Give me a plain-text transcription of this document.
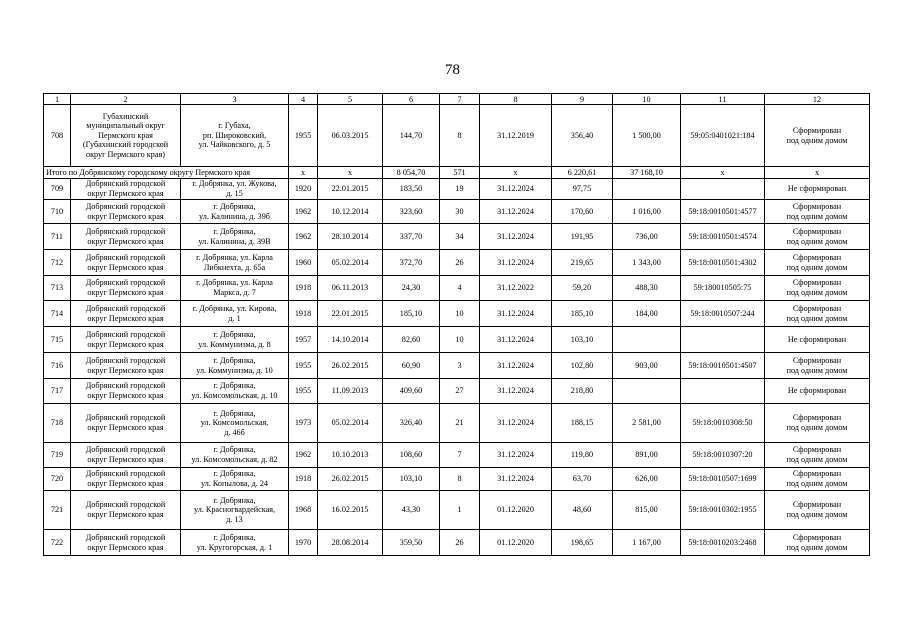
78
1	2	3	4	5	6	7	8	9	10	11	12
708	Губахинский
муниципальный округ
Пермского края
(Губахинский городской
округ Пермского края)	г. Губаха,
рп. Широковский,
ул. Чайковского, д. 5	1955	06.03.2015	144,70	8	31.12.2019	356,40	1 500,00	59:05:0401021:184	Сформирован
под одним домом
Итого по Добрянскому городскому округу Пермского края			х	х	8 054,70	571	х	6 220,61	37 168,10	х	х
709	Добрянский городской
округ Пермского края	г. Добрянка, ул. Жукова,
д. 15	1920	22.01.2015	183,50	19	31.12.2024	97,75			Не сформирован
710	Добрянский городской
округ Пермского края	г. Добрянка,
ул. Калинина, д. 39б	1962	10.12.2014	323,60	30	31.12.2024	170,60	1 016,00	59:18:0010501:4577	Сформирован
под одним домом
711	Добрянский городской
округ Пермского края	г. Добрянка,
ул. Калинина, д. 39В	1962	28.10.2014	337,70	34	31.12.2024	191,95	736,00	59:18:0010501:4574	Сформирован
под одним домом
712	Добрянский городской
округ Пермского края	г. Добрянка, ул. Карла
Либкнехта, д. 65а	1960	05.02.2014	372,70	26	31.12.2024	219,65	1 343,00	59:18:0010501:4302	Сформирован
под одним домом
713	Добрянский городской
округ Пермского края	г. Добрянка, ул. Карла
Маркса, д. 7	1918	06.11.2013	24,30	4	31.12.2022	59,20	488,30	59:180010505:75	Сформирован
под одним домом
714	Добрянский городской
округ Пермского края	г. Добрянка, ул. Кирова,
д. 1	1918	22.01.2015	185,10	10	31.12.2024	185,10	184,00	59:18:0010507:244	Сформирован
под одним домом
715	Добрянский городской
округ Пермского края	г. Добрянка,
ул. Коммунизма, д. 8	1957	14.10.2014	82,60	10	31.12.2024	103,10			Не сформирован
716	Добрянский городской
округ Пермского края	г. Добрянка,
ул. Коммунизма, д. 10	1955	26.02.2015	60,90	3	31.12.2024	102,80	903,00	59:18:0010501:4507	Сформирован
под одним домом
717	Добрянский городской
округ Пермского края	г. Добрянка,
ул. Комсомольская, д. 10	1955	11.09.2013	409,60	27	31.12.2024	218,80			Не сформирован
718	Добрянский городской
округ Пермского края	г. Добрянка,
ул. Комсомольская,
д. 46б	1973	05.02.2014	326,40	21	31.12.2024	188,15	2 581,00	59:18:0010308:50	Сформирован
под одним домом
719	Добрянский городской
округ Пермского края	г. Добрянка,
ул. Комсомольская, д. 82	1962	10.10.2013	108,60	7	31.12.2024	119,80	891,00	59:18:0010307:20	Сформирован
под одним домом
720	Добрянский городской
округ Пермского края	г. Добрянка,
ул. Копылова, д. 24	1918	26.02.2015	103,10	8	31.12.2024	63,70	626,00	59:18:0010507:1699	Сформирован
под одним домом
721	Добрянский городской
округ Пермского края	г. Добрянка,
ул. Красногвардейская,
д. 13	1968	16.02.2015	43,30	1	01.12.2020	48,60	815,00	59:18:0010302:1955	Сформирован
под одним домом
722	Добрянский городской
округ Пермского края	г. Добрянка,
ул. Кругогорская, д. 1	1970	28.08.2014	359,50	26	01.12.2020	198,65	1 167,00	59:18:0010203:2468	Сформирован
под одним домом
